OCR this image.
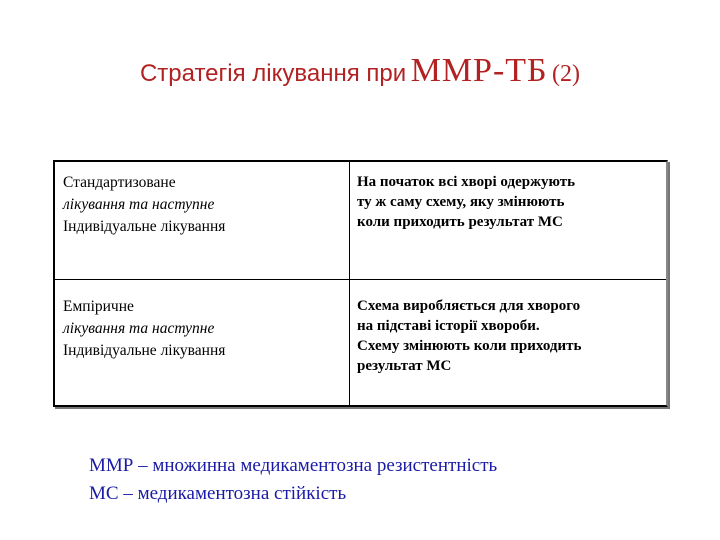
Стратегія лікування при ММР-ТБ (2)
Стандартизоване
лікування та наступне
Індивідуальне лікування
На початок всі хворі одержують
ту ж саму схему, яку змінюють
коли приходить результат МС
Емпіричне
лікування та наступне
Індивідуальне лікування
Схема виробляється для хворого
на підставі історії хвороби.
Схему змінюють коли приходить
результат МС
ММР – множинна медикаментозна резистентність
МС – медикаментозна стійкість
